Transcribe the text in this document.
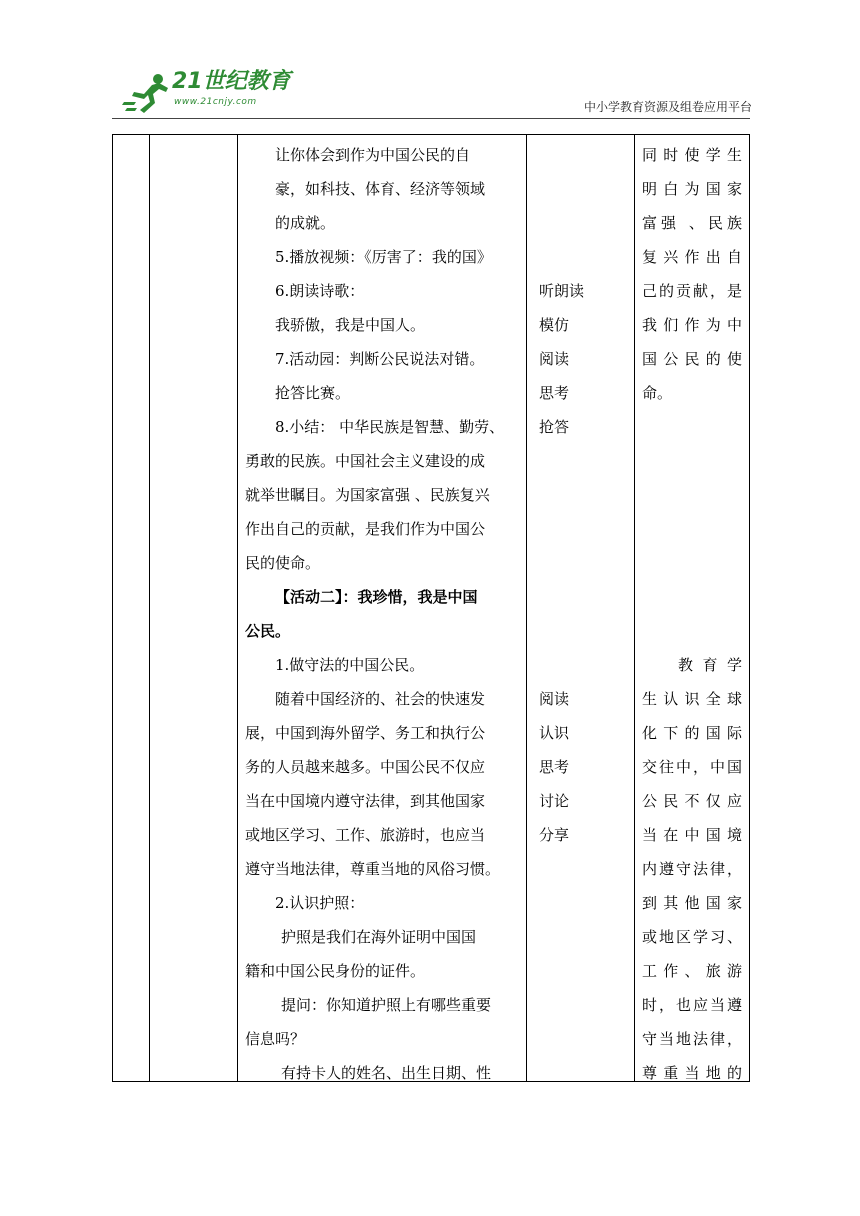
21世纪教育
www.21cnjy.com	中小学教育资源及组卷应用平台
让你体会到作为中国公民的自
豪，如科技、体育、经济等领域
的成就。
5.播放视频：《厉害了：我的国》
6.朗读诗歌：
我骄傲，我是中国人。
7.活动园：判断公民说法对错。
抢答比赛。
8.小结： 中华民族是智慧、勤劳、
勇敢的民族。中国社会主义建设的成
就举世瞩目。为国家富强 、民族复兴
作出自己的贡献，是我们作为中国公
民的使命。
【活动二】：我珍惜，我是中国
公民。
1.做守法的中国公民。
随着中国经济的、社会的快速发
展，中国到海外留学、务工和执行公
务的人员越来越多。中国公民不仅应
当在中国境内遵守法律，到其他国家
或地区学习、工作、旅游时，也应当
遵守当地法律，尊重当地的风俗习惯。
2.认识护照：
护照是我们在海外证明中国国
籍和中国公民身份的证件。
提问：你知道护照上有哪些重要
信息吗？
有持卡人的姓名、出生日期、性
听朗读
模仿
阅读
思考
抢答
阅读
认识
思考
讨论
分享
同时使学生
明白为国家
富强 、民族
复兴作出自
己的贡献，是
我们作为中
国公民的使
命。
教育学
生认识全球
化下的国际
交往中，中国
公民不仅应
当在中国境
内遵守法律，
到其他国家
或地区学习、
工作、旅游
时，也应当遵
守当地法律，
尊重当地的
